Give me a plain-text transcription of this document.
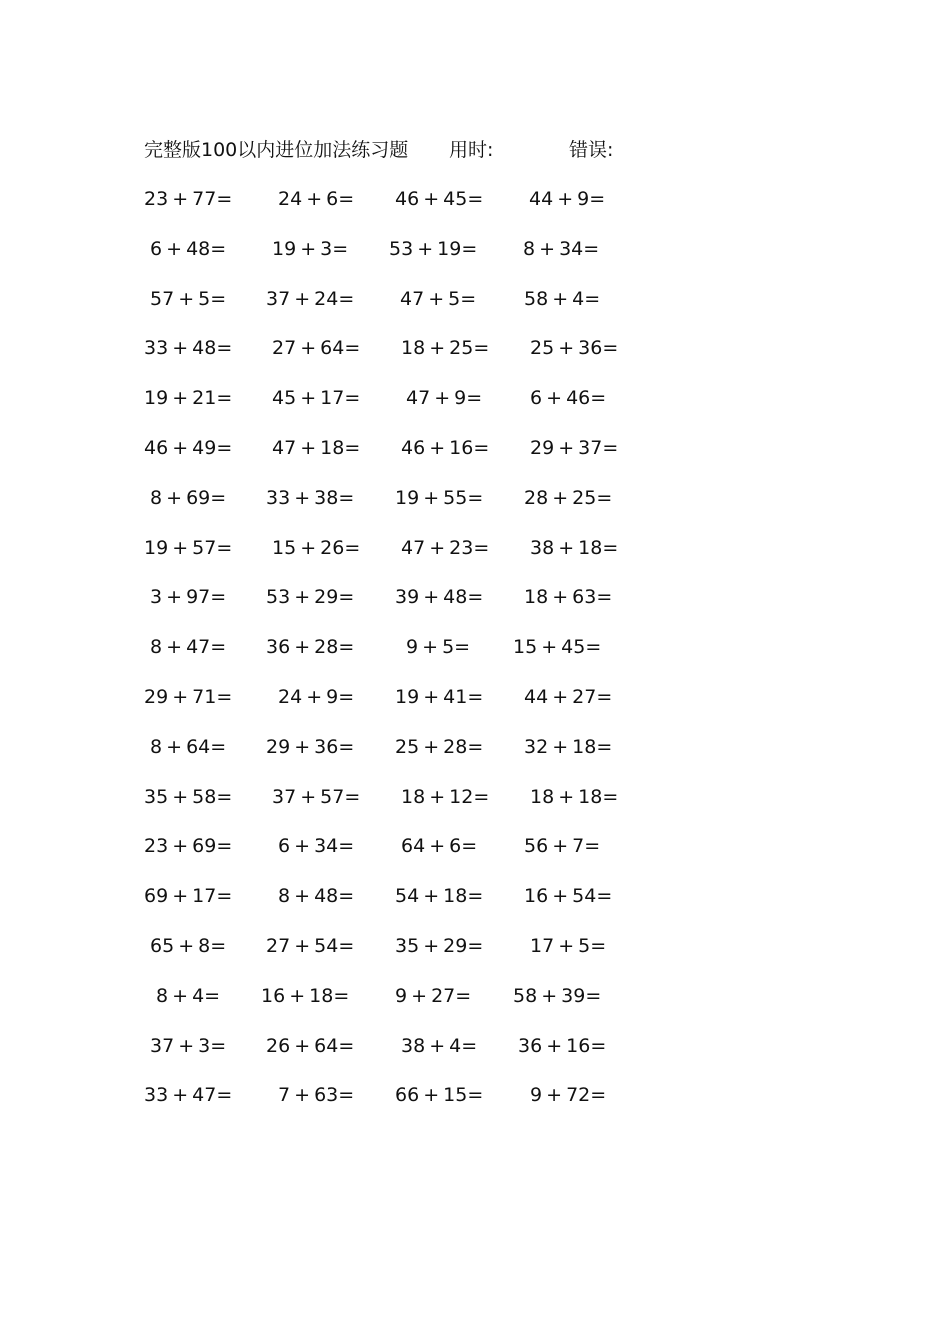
完整版100以内进位加法练习题 用时:	错误:
23 + 77= 24 + 6= 46 + 45= 44 + 9=
6 + 48= 19 + 3= 53 + 19= 8 + 34=
57 + 5= 37 + 24= 47 + 5=	58 + 4=
33 + 48= 27 + 64= 18 + 25= 25 + 36=
19 + 21= 45 + 17= 47 + 9=	6 + 46=
46 + 49= 47 + 18= 46 + 16= 29 + 37=
8 + 69= 33 + 38= 19 + 55= 28 + 25=
19 + 57= 15 + 26= 47 + 23= 38 + 18=
3 + 97= 53 + 29= 39 + 48= 18 + 63=
8 + 47= 36 + 28=	9 + 5= 15 + 45=
29 + 71= 24 + 9= 19 + 41= 44 + 27=
8 + 64= 29 + 36= 25 + 28= 32 + 18=
35 + 58= 37 + 57= 18 + 12= 18 + 18=
23 + 69= 6 + 34= 64 + 6= 56 + 7=
69 + 17= 8 + 48= 54 + 18= 16 + 54=
65 + 8= 27 + 54= 35 + 29= 17 + 5=
8 + 4= 16 + 18= 9 + 27= 58 + 39=
37 + 3= 26 + 64= 38 + 4= 36 + 16=
33 + 47= 7 + 63= 66 + 15= 9 + 72=
